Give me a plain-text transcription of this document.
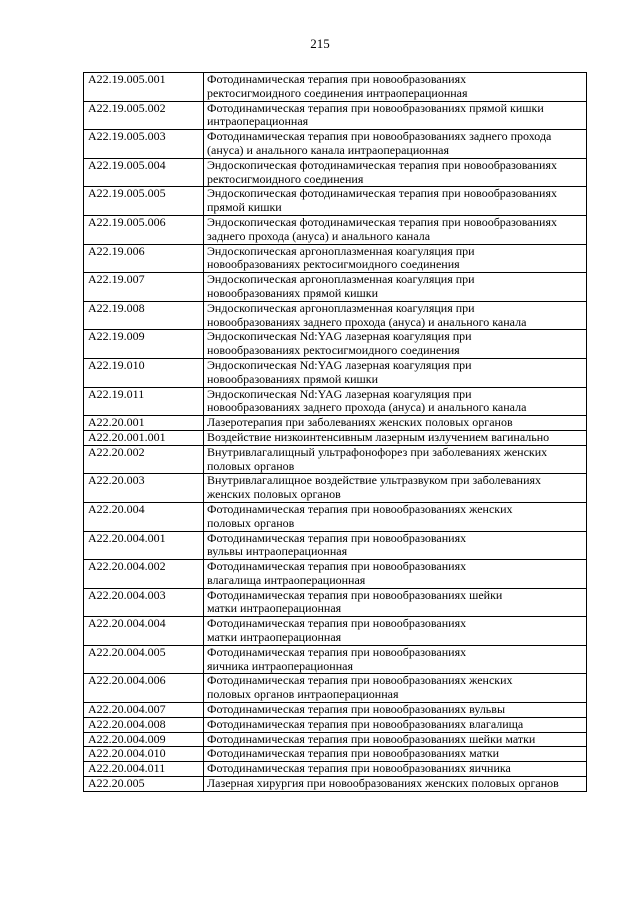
215
A22.19.005.001	Фотодинамическая терапия при новообразованиях
ректосигмоидного соединения интраоперационная
A22.19.005.002	Фотодинамическая терапия при новообразованиях прямой кишки
интраоперационная
A22.19.005.003	Фотодинамическая терапия при новообразованиях заднего прохода
(ануса) и анального канала интраоперационная
A22.19.005.004	Эндоскопическая фотодинамическая терапия при новообразованиях
ректосигмоидного соединения
A22.19.005.005	Эндоскопическая фотодинамическая терапия при новообразованиях
прямой кишки
A22.19.005.006	Эндоскопическая фотодинамическая терапия при новообразованиях
заднего прохода (ануса) и анального канала
A22.19.006	Эндоскопическая аргоноплазменная коагуляция при
новообразованиях ректосигмоидного соединения
A22.19.007	Эндоскопическая аргоноплазменная коагуляция при
новообразованиях прямой кишки
A22.19.008	Эндоскопическая аргоноплазменная коагуляция при
новообразованиях заднего прохода (ануса) и анального канала
A22.19.009	Эндоскопическая Nd:YAG лазерная коагуляция при
новообразованиях ректосигмоидного соединения
A22.19.010	Эндоскопическая Nd:YAG лазерная коагуляция при
новообразованиях прямой кишки
A22.19.011	Эндоскопическая Nd:YAG лазерная коагуляция при
новообразованиях заднего прохода (ануса) и анального канала
A22.20.001	Лазеротерапия при заболеваниях женских половых органов
A22.20.001.001	Воздействие низкоинтенсивным лазерным излучением вагинально
A22.20.002	Внутривлагалищный ультрафонофорез при заболеваниях женских
половых органов
A22.20.003	Внутривлагалищное воздействие ультразвуком при заболеваниях
женских половых органов
A22.20.004	Фотодинамическая терапия при новообразованиях женских
половых органов
A22.20.004.001	Фотодинамическая терапия при новообразованиях
вульвы интраоперационная
A22.20.004.002	Фотодинамическая терапия при новообразованиях
влагалища интраоперационная
A22.20.004.003	Фотодинамическая терапия при новообразованиях шейки
матки интраоперационная
A22.20.004.004	Фотодинамическая терапия при новообразованиях
матки интраоперационная
A22.20.004.005	Фотодинамическая терапия при новообразованиях
яичника интраоперационная
A22.20.004.006	Фотодинамическая терапия при новообразованиях женских
половых органов интраоперационная
A22.20.004.007	Фотодинамическая терапия при новообразованиях вульвы
A22.20.004.008	Фотодинамическая терапия при новообразованиях влагалища
A22.20.004.009	Фотодинамическая терапия при новообразованиях шейки матки
A22.20.004.010	Фотодинамическая терапия при новообразованиях матки
A22.20.004.011	Фотодинамическая терапия при новообразованиях яичника
A22.20.005	Лазерная хирургия при новообразованиях женских половых органов
